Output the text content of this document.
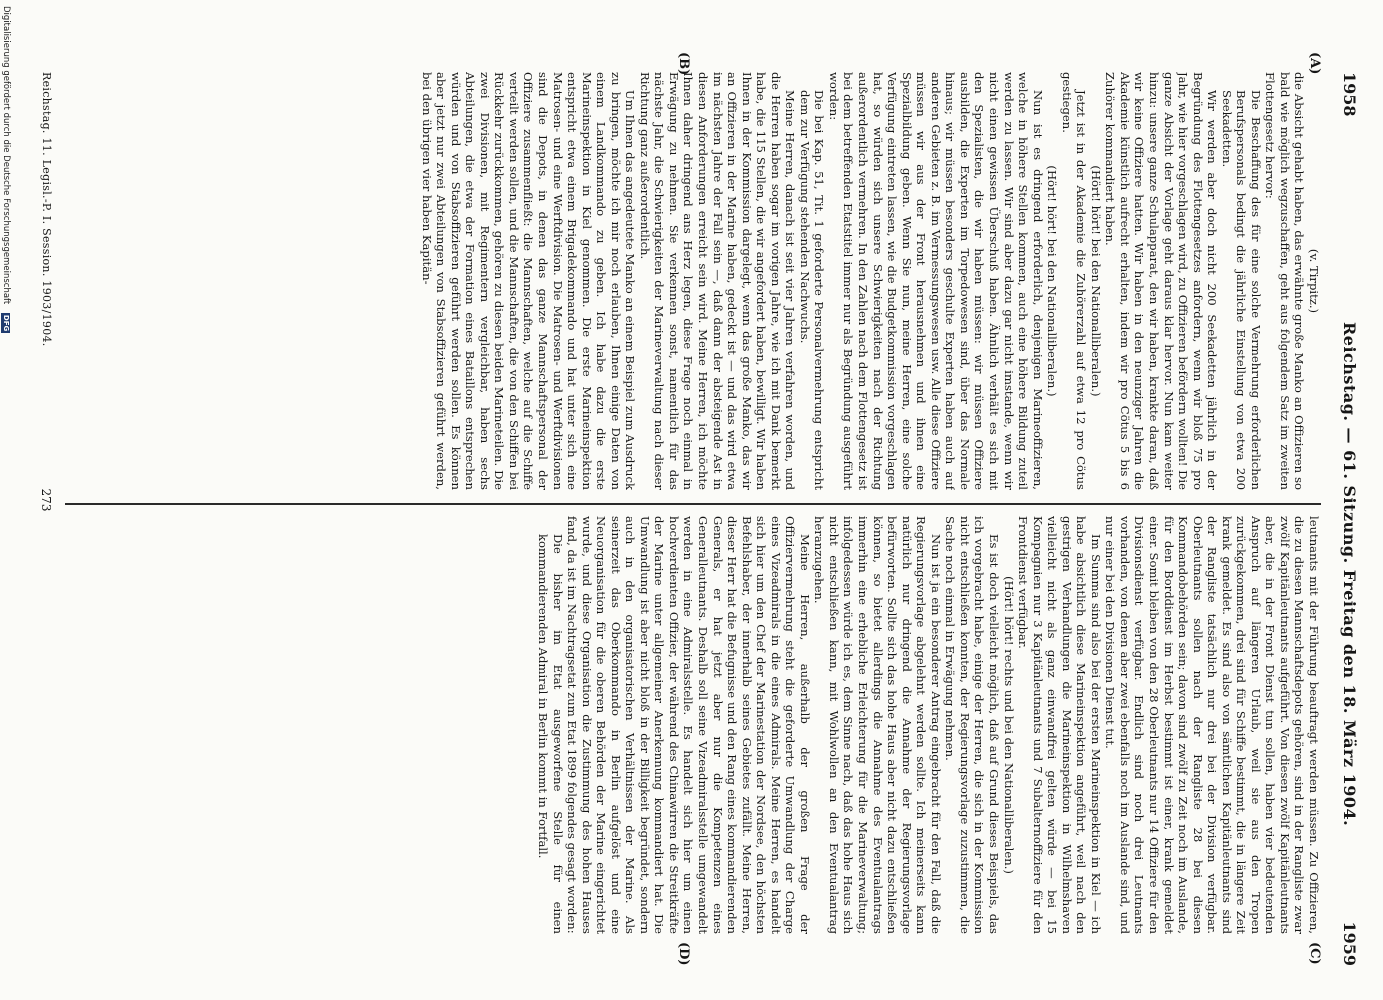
1958
Reichstag. — 61. Sitzung. Freitag den 18. März 1904.
1959
(A)
(B)
(C)
(D)

(v. Tirpitz.)

die Absicht gehabt haben, das erwähnte große Manko an Offizieren so bald wie möglich wegzuschaffen, geht aus folgendem Satz im zweiten Flottengesetz hervor:

Die Beschaffung des für eine solche Vermehrung erforderlichen Berufspersonals bedingt die jährliche Einstellung von etwa 200 Seekadetten.

Wir werden aber doch nicht 200 Seekadetten jährlich in der Begründung des Flottengesetzes anfordern, wenn wir bloß 75 pro Jahr, wie hier vorgeschlagen wird, zu Offizieren befördern wollten! Die ganze Absicht der Vorlage geht daraus klar hervor. Nun kam weiter hinzu: unsere ganze Schulapparat, den wir haben, krankte daran, daß wir keine Offiziere hatten. Wir haben in den neunziger Jahren die Akademie künstlich aufrecht erhalten, indem wir pro Cötus 5 bis 6 Zuhörer kommandiert haben.

(Hört! hört! bei den Nationalliberalen.)

Jetzt ist in der Akademie die Zuhörerzahl auf etwa 12 pro Cötus gestiegen.

(Hört! hört! bei den Nationalliberalen.)

Nun ist es dringend erforderlich, denjenigen Marineoffizieren, welche in höhere Stellen kommen, auch eine höhere Bildung zuteil werden zu lassen. Wir sind aber dazu gar nicht imstande, wenn wir nicht einen gewissen Überschuß haben. Ähnlich verhält es sich mit den Spezialisten, die wir haben müssen: wir müssen Offiziere ausbilden, die Experten im Torpedowesen sind, über das Normale hinaus; wir müssen besonders geschulte Experten haben auch auf anderen Gebieten z. B. im Vermessungswesen usw. Alle diese Offiziere müssen wir aus der Front herausnehmen und ihnen eine Spezialbildung geben. Wenn Sie nun, meine Herren, eine solche Verfügung eintreten lassen, wie die Budgetkommission vorgeschlagen hat, so würden sich unsere Schwierigkeiten nach der Richtung außerordentlich vermehren. In den Zahlen nach dem Flottengesetz ist bei dem betreffenden Etatstitel immer nur als Begründung ausgeführt worden:

Die bei Kap. 51, Tit. 1 geforderte Personalvermehrung entspricht dem zur Verfügung stehenden Nachwuchs.

Meine Herren, danach ist seit vier Jahren verfahren worden, und die Herren haben sogar im vorigen Jahre, wie ich mit Dank bemerkt habe, die 115 Stellen, die wir angefordert haben, bewilligt. Wir haben Ihnen in der Kommission dargelegt, wenn das große Manko, das wir an Offizieren in der Marine haben, gedeckt ist — und das wird etwa im nächsten Jahre der Fall sein —, daß dann der absteigende Ast in diesen Anforderungen erreicht sein wird. Meine Herren, ich möchte Ihnen daher dringend ans Herz legen, diese Frage noch einmal in Erwägung zu nehmen. Sie verkennen sonst, namentlich für das nächste Jahr, die Schwierigkeiten der Marineverwaltung nach dieser Richtung ganz außerordentlich.

Um Ihnen das angedeutete Manko an einem Beispiel zum Ausdruck zu bringen, möchte ich mir noch erlauben, Ihnen einige Daten von einem Landkommando zu geben. Ich habe dazu die erste Marineinspektion in Kiel genommen. Die erste Marineinspektion entspricht etwa einem Brigadekommando und hat unter sich eine Matrosen- und eine Werftdivision. Die Matrosen- und Werftdivisionen sind die Depots, in denen das ganze Mannschaftspersonal der Offiziere zusammenfließt: die Mannschaften, welche auf die Schiffe verteilt werden sollen, und die Mannschaften, die von den Schiffen bei Rückkehr zurückkommen, gehören zu diesen beiden Marineteilen. Die zwei Divisionen, mit Regimentern vergleichbar, haben sechs Abteilungen, die etwa der Formation eines Bataillons entsprechen würden und von Stabsoffizieren geführt werden sollen. Es können aber jetzt nur zwei Abteilungen von Stabsoffizieren geführt werden, bei den übrigen vier haben Kapitän-

leutnants mit der Führung beauftragt werden müssen. Zu Offizieren, die zu diesen Mannschaftsdepots gehören, sind in der Rangliste zwar zwölf Kapitänleutnants aufgeführt. Von diesen zwölf Kapitänleutnants aber, die in der Front Dienst tun sollen, haben vier bedeutenden Anspruch auf längeren Urlaub, weil sie aus den Tropen zurückgekommen, drei sind für Schiffe bestimmt, die in längere Zeit krank gemeldet. Es sind also von sämtlichen Kapitänleutnants sind der Rangliste tatsächlich nur drei bei der Division verfügbar. Oberleutnants sollen nach der Rangliste 28 bei diesen Kommandobehörden sein; davon sind zwölf zu Zeit noch im Auslande, für den Borddienst im Herbst bestimmt ist einer, krank gemeldet einer. Somit bleiben von den 28 Oberleutnants nur 14 Offiziere für den Divisionsdienst verfügbar. Endlich sind noch drei Leutnants vorhanden, von denen aber zwei ebenfalls noch im Auslande sind, und nur einer bei den Divisionen Dienst tut.

Im Summa sind also bei der ersten Marineinspektion in Kiel — ich habe absichtlich diese Marineinspektion angeführt, weil nach den gestrigen Verhandlungen die Marineinspektion in Wilhelmshaven vielleicht nicht als ganz einwandfrei gelten würde — bei 15 Kompagnien nur 3 Kapitänleutnants und 7 Subalternoffiziere für den Frontdienst verfügbar.

(Hört! hört! rechts und bei den Nationalliberalen.)

Es ist doch vielleicht möglich, daß auf Grund dieses Beispiels, das ich vorgebracht habe, einige der Herren, die sich in der Kommission nicht entschließen konnten, der Regierungsvorlage zuzustimmen, die Sache noch einmal in Erwägung nehmen.

Nun ist ja ein besonderer Antrag eingebracht für den Fall, daß die Regierungsvorlage abgelehnt werden sollte. Ich meinerseits kann natürlich nur dringend die Annahme der Regierungsvorlage befürworten. Sollte sich das hohe Haus aber nicht dazu entschließen können, so bietet allerdings die Annahme des Eventualantrags immerhin eine erhebliche Erleichterung für die Marineverwaltung; infolgedessen würde ich es, dem Sinne nach, daß das hohe Haus sich nicht entschließen kann, mit Wohlwollen an den Eventualantrag heranzugehen.

Meine Herren, außerhalb der großen Frage der Offiziervermehrung steht die geforderte Umwandlung der Charge eines Vizeadmirals in die eines Admirals. Meine Herren, es handelt sich hier um den Chef der Marinestation der Nordsee, den höchsten Befehlshaber, der innerhalb seines Gebietes zufällt. Meine Herren, dieser Herr hat die Befugnisse und den Rang eines kommandierenden Generals, er hat jetzt aber nur die Kompetenzen eines Generalleutnants. Deshalb soll seine Vizeadmiralsstelle umgewandelt werden in eine Admiralsstelle. Es handelt sich hier um einen hochverdienten Offizier, der während des Chinawirren die Streitkräfte der Marine unter allgemeiner Anerkennung kommandiert hat. Die Umwandlung ist aber nicht bloß in der Billigkeit begründet, sondern auch in den organisatorischen Verhältnissen der Marine. Als seinerzeit das Oberkommando in Berlin aufgelöst und eine Neuorganisation für die oberen Behörden der Marine eingerichtet wurde, und diese Organisation die Zustimmung des hohen Hauses fand, da ist im Nachtragsetat zum Etat 1899 folgendes gesagt worden:

Die bisher im Etat ausgeworfene Stelle für einen kommandierenden Admiral in Berlin kommt in Fortfall.

Reichstag. 11. Legisl.-P. I. Session. 1903/1904.
273
Digitalisierung gefördert durch die Deutsche Forschungsgemeinschaft DFG
